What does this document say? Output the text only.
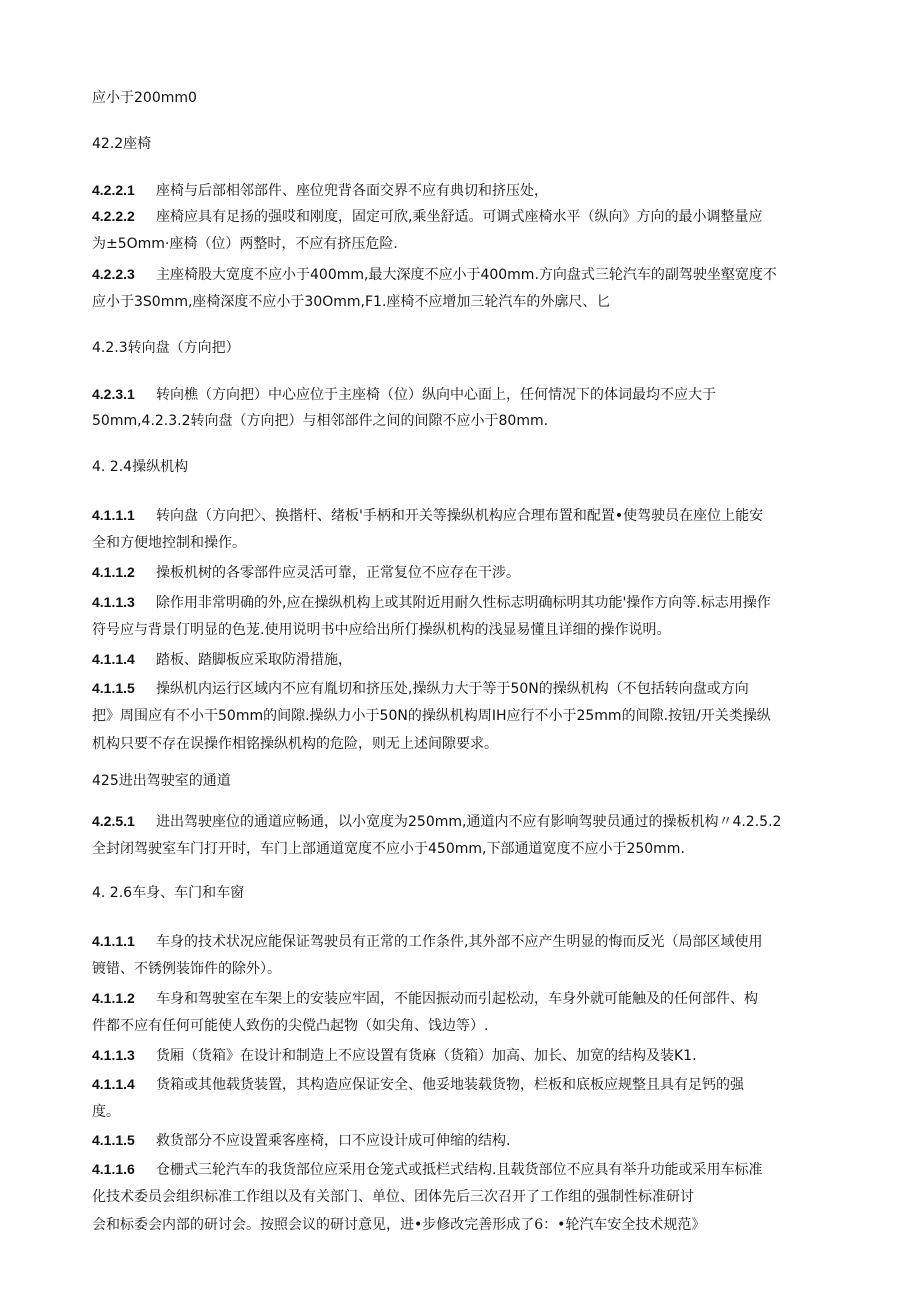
应小于200mm0
42.2座椅
4.2.2.1 座椅与后部相邻部件、座位兜背各面交界不应有典切和挤压处，
4.2.2.2 座椅应具有足扬的强哎和刚度，固定可欣,乘坐舒适。可调式座椅水平（纵向》方向的最小调整量应
为±5Omm·座椅（位）两整时，不应有挤压危险.
4.2.2.3 主座椅股大宽度不应小于400mm,最大深度不应小于400mm.方向盘式三轮汽车的副驾驶坐壑宽度不
应小于3S0mm,座椅深度不应小于30Omm,F1.座椅不应增加三轮汽车的外廓尺、匕
4.2.3转向盘（方向把）
4.2.3.1 转向樵（方向把）中心应位于主座椅（位）纵向中心面上，任何情况下的体词最均不应大于
50mm,4.2.3.2转向盘（方向把）与相邻部件之间的间隙不应小于80mm.
4. 2.4操纵机构
4.1.1.1 转向盘（方向把〉、换揩杆、绪板'手柄和开关等操纵机构应合理布置和配置•使驾驶员在座位上能安
全和方便地控制和操作。
4.1.1.2 操板机树的各零部件应灵活可靠，正常复位不应存在干涉。
4.1.1.3 除作用非常明确的外,应在操纵机构上或其附近用耐久性标志明确标明其功能'操作方向等.标志用操作
符号应与背景仃明显的色茏.使用说明书中应给出所仃操纵机构的浅显易懂且详细的操作说明。
4.1.1.4 踏板、踏脚板应采取防滑措施，
4.1.1.5 操纵机内运行区域内不应有胤切和挤压处,操纵力大于等于50N的操纵机构（不包括转向盘或方向
把》周围应有不小干50mm的间隙.操纵力小于50N的操纵机构周IH应行不小于25mm的间隙.按钮/开关类操纵
机构只要不存在误操作相铭操纵机构的危险，则无上述间隙要求。
425进出驾驶室的通道
4.2.5.1 进出驾驶座位的通道应畅通，以小宽度为250mm,通道内不应有影响驾驶员通过的操板机构〃4.2.5.2
全封闭驾驶室车门打开时，车门上部通道宽度不应小于450mm,下部通道宽度不应小于250mm.
4. 2.6车身、车门和车窗
4.1.1.1 车身的技术状况应能保证驾驶员有正常的工作条件,其外部不应产生明显的悔而反光（局部区域使用
镀错、不锈例装饰件的除外）。
4.1.1.2 车身和驾驶室在车架上的安装应牢固，不能因振动而引起松动，车身外就可能触及的任何部件、构
件都不应有任何可能使人致伤的尖傥凸起物（如尖角、饯边等）.
4.1.1.3 货厢（货箱》在设计和制造上不应设置有货麻（货箱）加高、加长、加宽的结构及装K1.
4.1.1.4 货箱或其他载货装置，其构造应保证安全、他妥地装载货物，栏板和底板应规整且具有足钙的强
度。
4.1.1.5 救货部分不应设置乘客座椅，口不应设计成可伸缩的结构.
4.1.1.6 仓栅式三轮汽车的我货部位应采用仓笼式或抵栏式结构.且载货部位不应具有举升功能或采用车标准
化技术委员会组织标准工作组以及有关部门、单位、团体先后三次召开了工作组的强制性标准研讨
会和标委会内部的研讨会。按照会议的研讨意见，进•步修改完善形成了6：•轮汽车安全技术规范》
